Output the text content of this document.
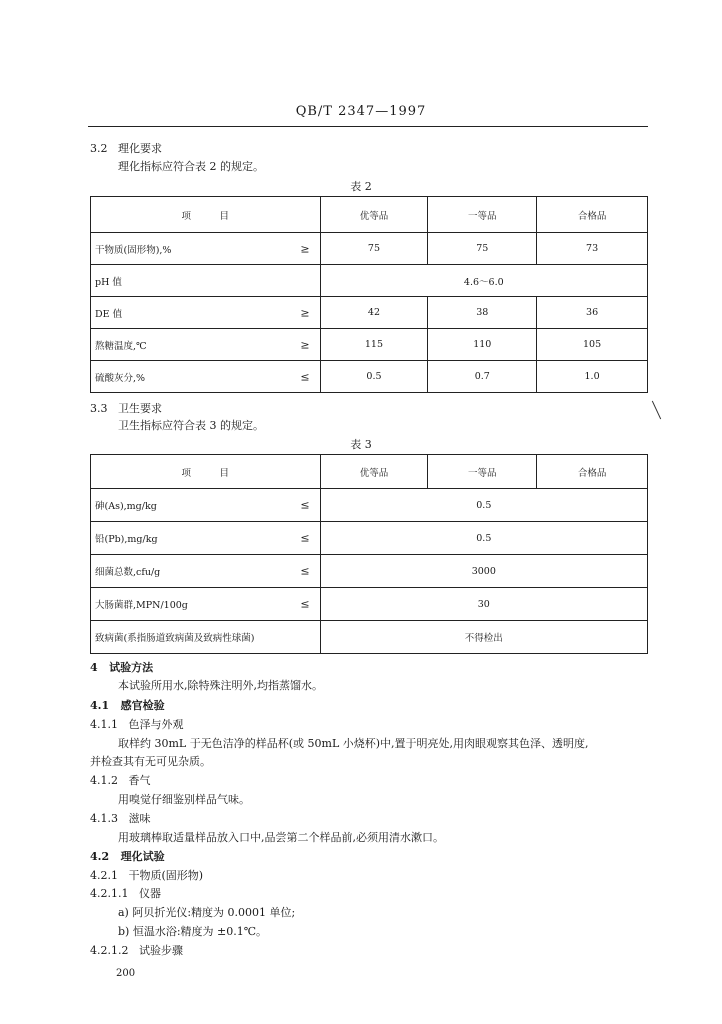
QB/T 2347—1997
3.2 理化要求
理化指标应符合表 2 的规定。
表 2
项　　　目	优等品	一等品	合格品
干物质(固形物),% ≥	75	75	73
pH 值	4.6～6.0		
DE 值 ≥	42	38	36
熬糖温度,℃ ≥	115	110	105
硫酸灰分,% ≤	0.5	0.7	1.0
3.3 卫生要求
卫生指标应符合表 3 的规定。
表 3
项　　　目	优等品	一等品	合格品
砷(As),mg/kg ≤	0.5		
铅(Pb),mg/kg ≤	0.5		
细菌总数,cfu/g ≤	3000		
大肠菌群,MPN/100g ≤	30		
致病菌(系指肠道致病菌及致病性球菌)	不得检出		
4 试验方法
本试验所用水,除特殊注明外,均指蒸馏水。
4.1 感官检验
4.1.1 色泽与外观
取样约 30mL 于无色洁净的样品杯(或 50mL 小烧杯)中,置于明亮处,用肉眼观察其色泽、透明度,
并检查其有无可见杂质。
4.1.2 香气
用嗅觉仔细鉴别样品气味。
4.1.3 滋味
用玻璃棒取适量样品放入口中,品尝第二个样品前,必须用清水漱口。
4.2 理化试验
4.2.1 干物质(固形物)
4.2.1.1 仪器
a) 阿贝折光仪:精度为 0.0001 单位;
b) 恒温水浴:精度为 ±0.1℃。
4.2.1.2 试验步骤
200
